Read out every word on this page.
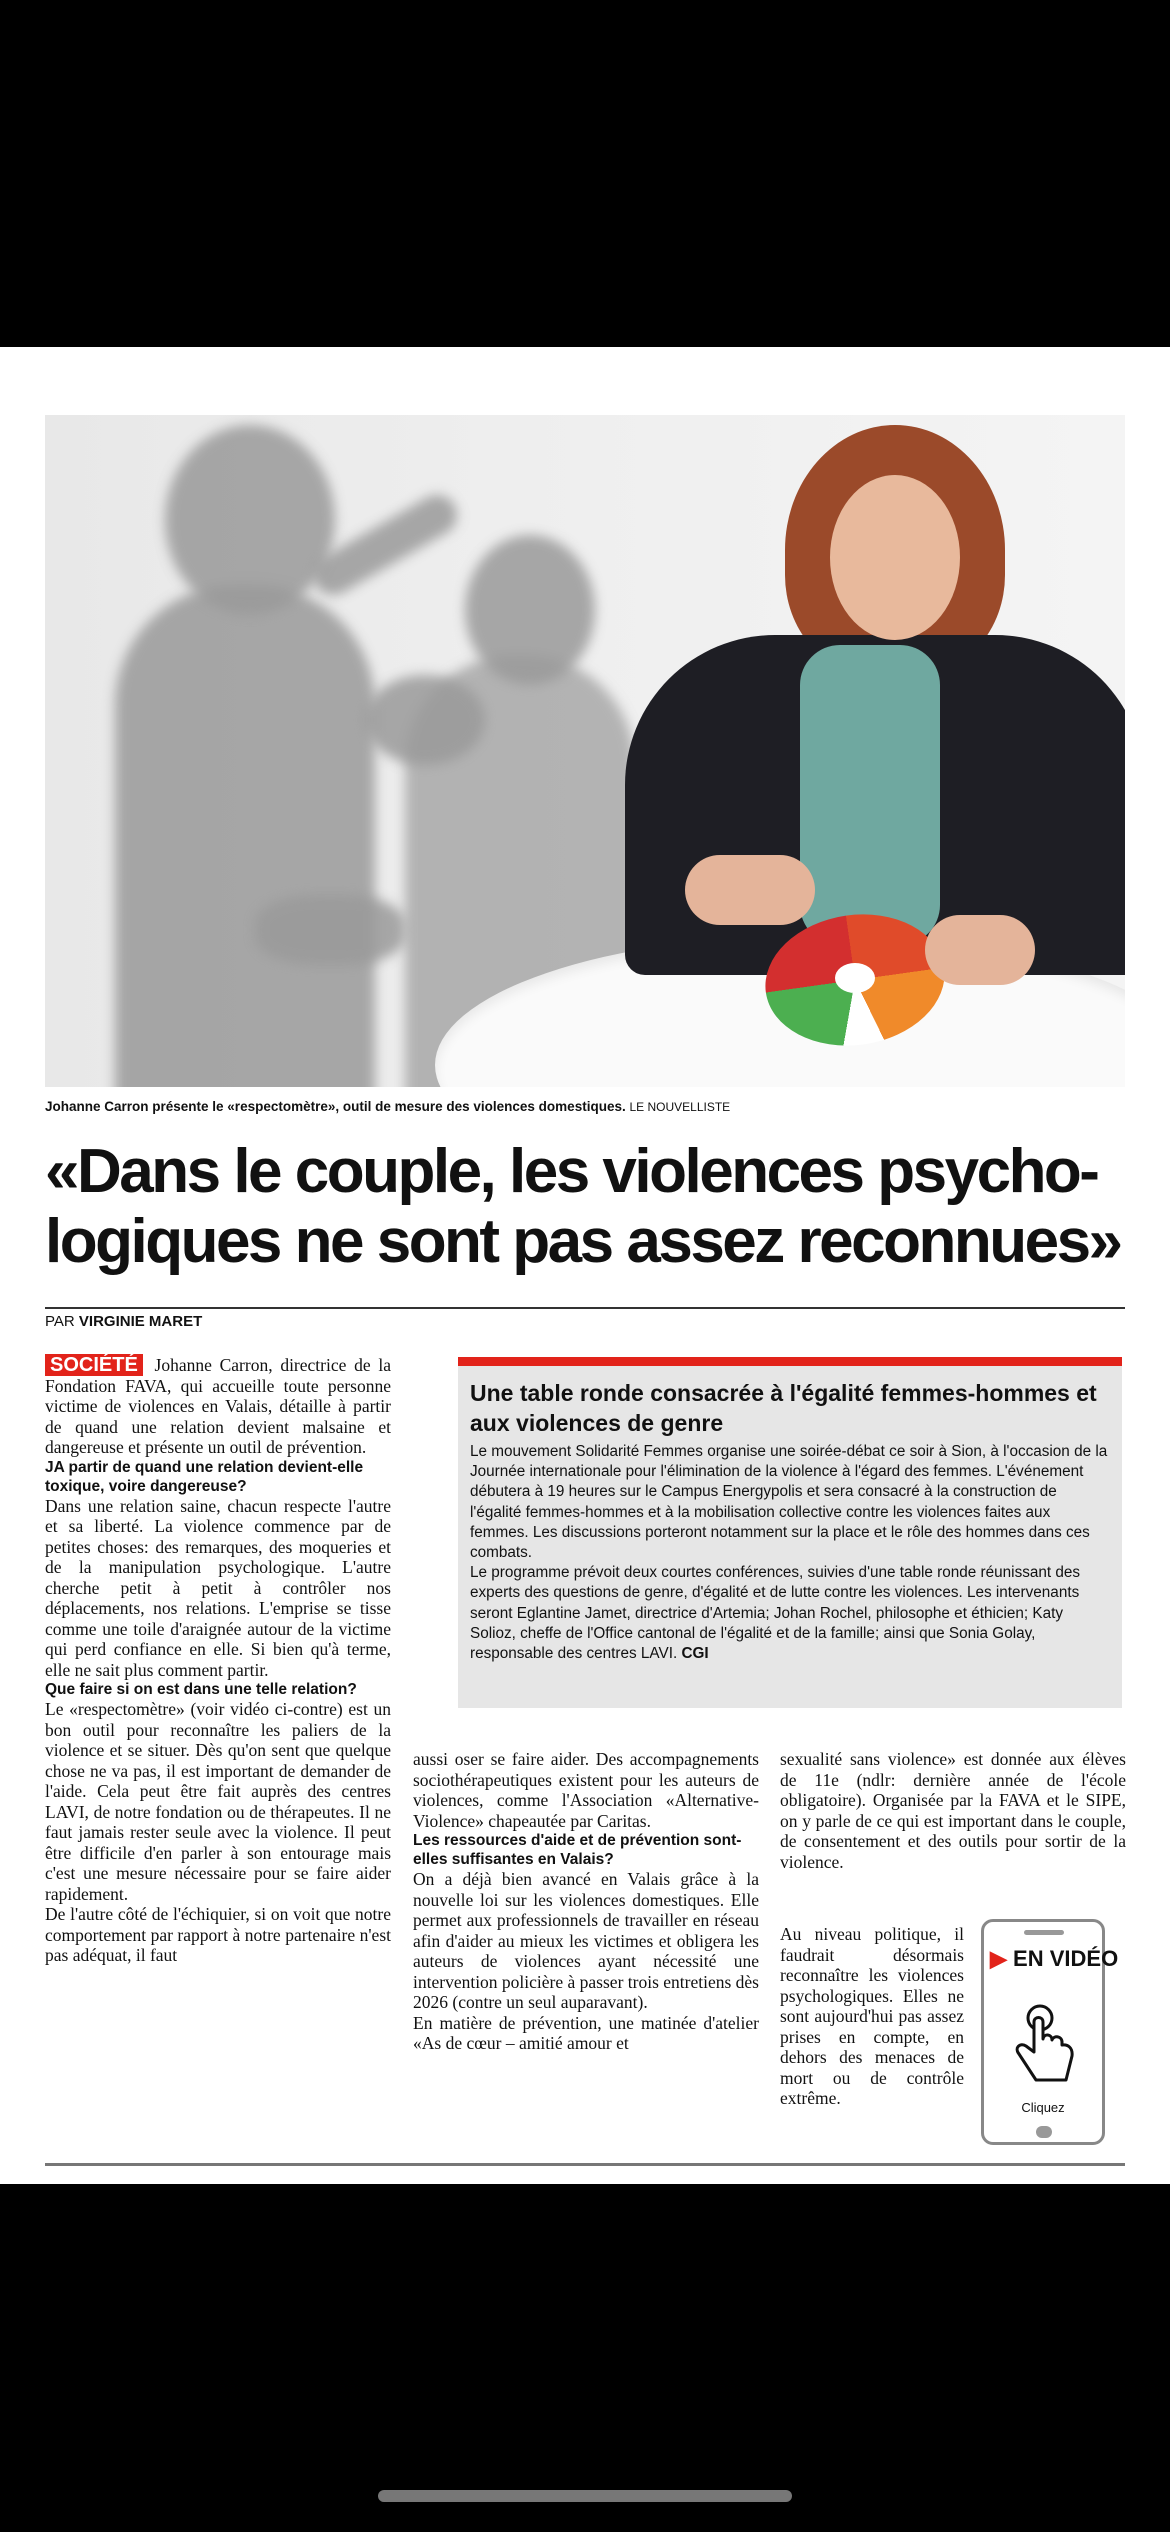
Johanne Carron présente le «respectomètre», outil de mesure des violences domestiques. LE NOUVELLISTE
«Dans le couple, les violences psycho-
logiques ne sont pas assez reconnues»
PAR VIRGINIE MARET

SOCIÉTÉ Johanne Carron, directrice de la Fondation FAVA, qui accueille toute personne victime de violences en Valais, détaille à partir de quand une relation devient malsaine et dangereuse et présente un outil de prévention.

JA partir de quand une relation devient-elle toxique, voire dangereuse?

Dans une relation saine, chacun respecte l'autre et sa liberté. La violence commence par de petites choses: des remarques, des moqueries et de la manipulation psychologique. L'autre cherche petit à petit à contrôler nos déplacements, nos relations. L'emprise se tisse comme une toile d'araignée autour de la victime qui perd confiance en elle. Si bien qu'à terme, elle ne sait plus comment partir.

Que faire si on est dans une telle relation?

Le «respectomètre» (voir vidéo ci-contre) est un bon outil pour reconnaître les paliers de la violence et se situer. Dès qu'on sent que quelque chose ne va pas, il est important de demander de l'aide. Cela peut être fait auprès des centres LAVI, de notre fondation ou de thérapeutes. Il ne faut jamais rester seule avec la violence. Il peut être difficile d'en parler à son entourage mais c'est une mesure nécessaire pour se faire aider rapidement.

De l'autre côté de l'échiquier, si on voit que notre comportement par rapport à notre partenaire n'est pas adéquat, il faut

Une table ronde consacrée à l'égalité femmes-hommes et aux violences de genre

Le mouvement Solidarité Femmes organise une soirée-débat ce soir à Sion, à l'occasion de la Journée internationale pour l'élimination de la violence à l'égard des femmes. L'événement débutera à 19 heures sur le Campus Energypolis et sera consacré à la construction de l'égalité femmes-hommes et à la mobilisation collective contre les violences faites aux femmes. Les discussions porteront notamment sur la place et le rôle des hommes dans ces combats.

Le programme prévoit deux courtes conférences, suivies d'une table ronde réunissant des experts des questions de genre, d'égalité et de lutte contre les violences. Les intervenants seront Eglantine Jamet, directrice d'Artemia; Johan Rochel, philosophe et éthicien; Katy Solioz, cheffe de l'Office cantonal de l'égalité et de la famille; ainsi que Sonia Golay, responsable des centres LAVI. CGI

aussi oser se faire aider. Des accompagnements sociothérapeutiques existent pour les auteurs de violences, comme l'Association «Alternative-Violence» chapeautée par Caritas.

Les ressources d'aide et de prévention sont-elles suffisantes en Valais?

On a déjà bien avancé en Valais grâce à la nouvelle loi sur les violences domestiques. Elle permet aux professionnels de travailler en réseau afin d'aider au mieux les victimes et obligera les auteurs de violences ayant nécessité une intervention policière à passer trois entretiens dès 2026 (contre un seul auparavant).

En matière de prévention, une matinée d'atelier «As de cœur – amitié amour et

sexualité sans violence» est donnée aux élèves de 11e (ndlr: dernière année de l'école obligatoire). Organisée par la FAVA et le SIPE, on y parle de ce qui est important dans le couple, de consentement et des outils pour sortir de la violence.

Au niveau politique, il faudrait désormais reconnaître les violences psychologiques. Elles ne sont aujourd'hui pas assez prises en compte, en dehors des menaces de mort ou de contrôle extrême.

▶ EN VIDÉO
Cliquez
